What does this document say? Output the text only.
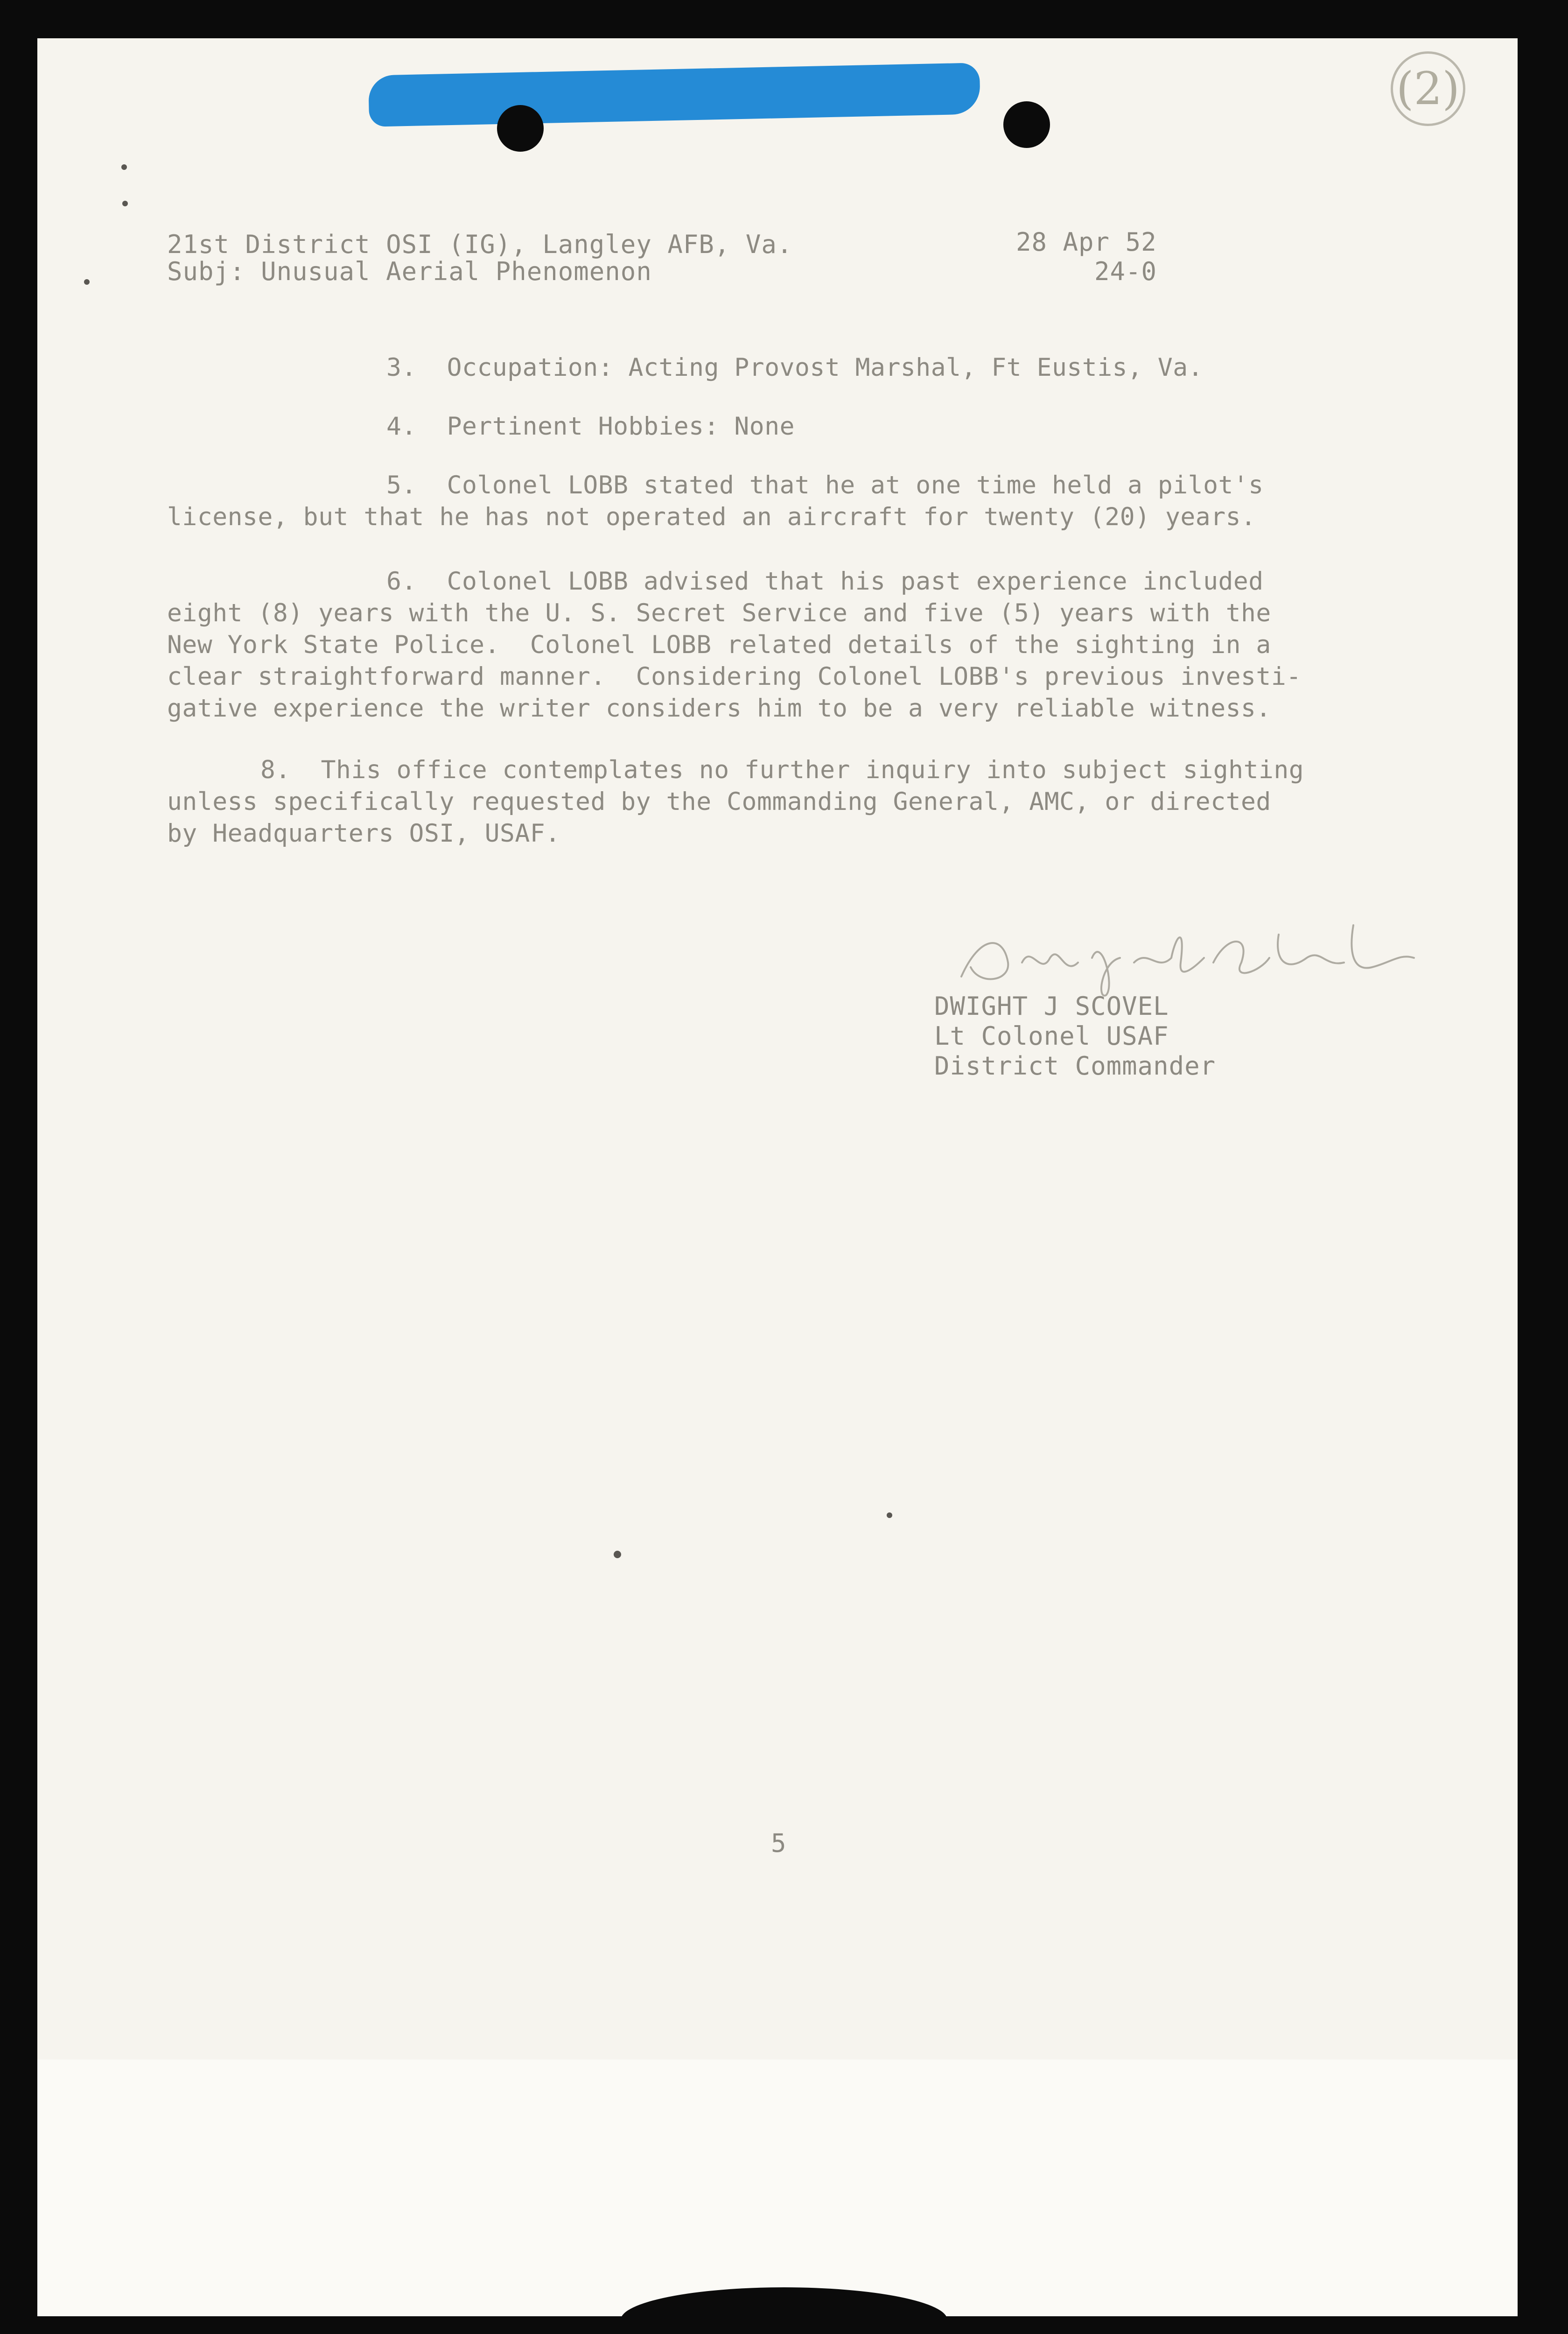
(2)
21st District OSI (IG), Langley AFB, Va.	28 Apr 52
Subj: Unusual Aerial Phenomenon	24-0
3.  Occupation: Acting Provost Marshal, Ft Eustis, Va.
4.  Pertinent Hobbies: None
5.  Colonel LOBB stated that he at one time held a pilot's
license, but that he has not operated an aircraft for twenty (20) years.
6.  Colonel LOBB advised that his past experience included
eight (8) years with the U. S. Secret Service and five (5) years with the
New York State Police.  Colonel LOBB related details of the sighting in a
clear straightforward manner.  Considering Colonel LOBB's previous investi-
gative experience the writer considers him to be a very reliable witness.
8.  This office contemplates no further inquiry into subject sighting
unless specifically requested by the Commanding General, AMC, or directed
by Headquarters OSI, USAF.
DWIGHT J SCOVEL
Lt Colonel USAF
District Commander
5
